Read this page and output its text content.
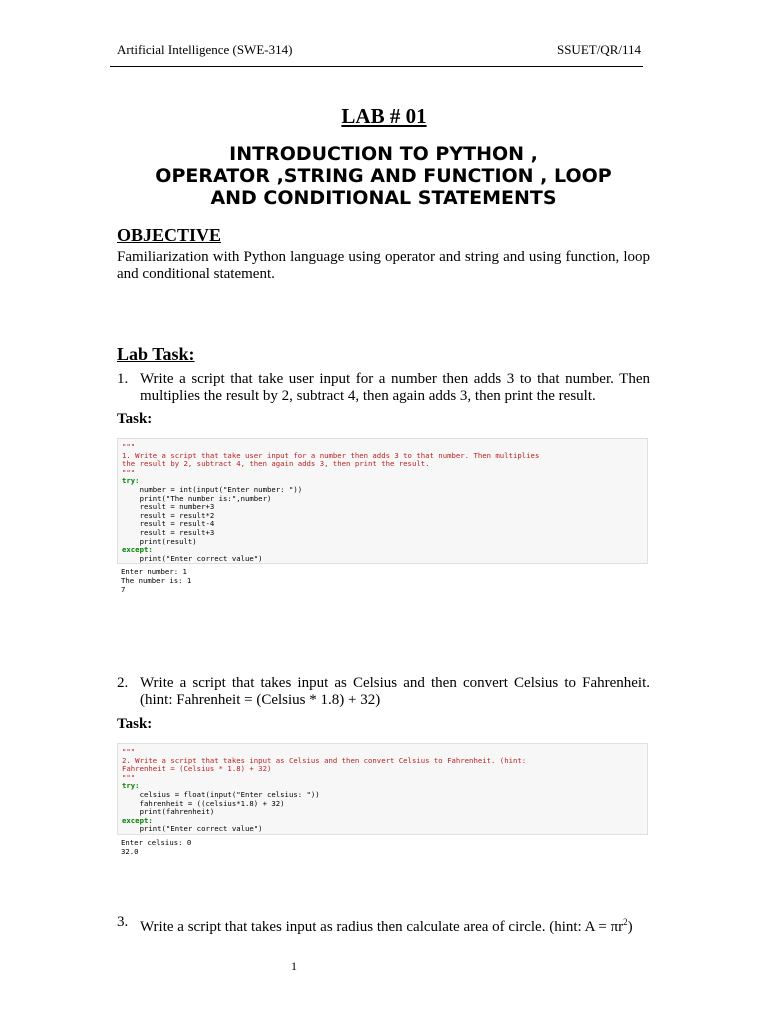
Artificial Intelligence (SWE-314)	SSUET/QR/114
LAB # 01
INTRODUCTION TO PYTHON ,
OPERATOR ,STRING AND FUNCTION , LOOP
AND CONDITIONAL STATEMENTS
OBJECTIVE
Familiarization with Python language using operator and string and using function, loop and conditional statement.
Lab Task:
1. Write a script that take user input for a number then adds 3 to that number. Then multiplies the result by 2, subtract 4, then again adds 3, then print the result.
Task:
"""
1. Write a script that take user input for a number then adds 3 to that number. Then multiplies
the result by 2, subtract 4, then again adds 3, then print the result.
"""
try:
number = int(input("Enter number: "))
print("The number is:",number)
result = number+3
result = result*2
result = result-4
result = result+3
print(result)
except:
print("Enter correct value")
Enter number: 1
The number is: 1
7
2. Write a script that takes input as Celsius and then convert Celsius to Fahrenheit. (hint: Fahrenheit = (Celsius * 1.8) + 32)
Task:
"""
2. Write a script that takes input as Celsius and then convert Celsius to Fahrenheit. (hint:
Fahrenheit = (Celsius * 1.8) + 32)
"""
try:
celsius = float(input("Enter celsius: "))
fahrenheit = ((celsius*1.8) + 32)
print(fahrenheit)
except:
print("Enter correct value")
Enter celsius: 0
32.0
3. Write a script that takes input as radius then calculate area of circle. (hint: $A = \pi r^2$)
1
